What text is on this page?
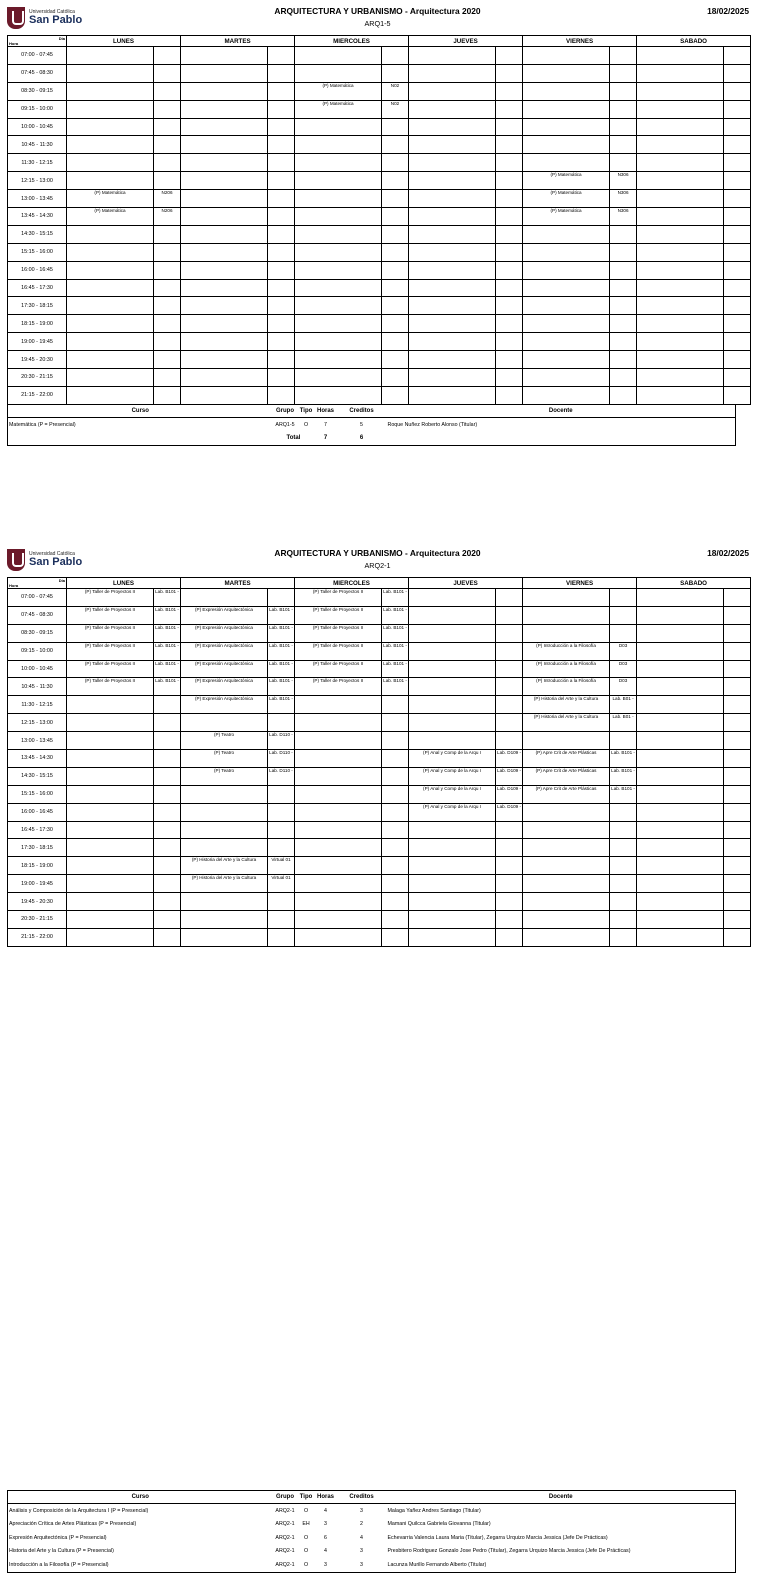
Universidad Católica
San Pablo
ARQUITECTURA Y URBANISMO - Arquitectura 2020
ARQ1-5
18/02/2025
Hora
Dia	LUNES		MARTES		MIERCOLES		JUEVES		VIERNES		SABADO	
07:00 - 07:45												
07:45 - 08:30												
08:30 - 09:15					(P) Matemática	N02						
09:15 - 10:00					(P) Matemática	N02						
10:00 - 10:45												
10:45 - 11:30												
11:30 - 12:15												
12:15 - 13:00									(P) Matemática	N306		
13:00 - 13:45	(P) Matemática	N206							(P) Matemática	N306		
13:45 - 14:30	(P) Matemática	N206							(P) Matemática	N306		
14:30 - 15:15												
15:15 - 16:00												
16:00 - 16:45												
16:45 - 17:30												
17:30 - 18:15												
18:15 - 19:00												
19:00 - 19:45												
19:45 - 20:30												
20:30 - 21:15												
21:15 - 22:00												
Curso	Grupo	Tipo	Horas	Creditos	Docente
Matemática (P = Presencial)	ARQ1-5	O	7	5	Roque Nuñez Roberto Alonso (Titular)
	Total		7	6	
Universidad Católica
San Pablo
ARQUITECTURA Y URBANISMO - Arquitectura 2020
ARQ2-1
18/02/2025
Hora
Dia	LUNES		MARTES		MIERCOLES		JUEVES		VIERNES		SABADO	
07:00 - 07:45	(P) Taller de Proyectos II	Lab. B101 -			(P) Taller de Proyectos II	Lab. B101 -						
07:45 - 08:30	(P) Taller de Proyectos II	Lab. B101 -	(P) Expresión Arquitectónica	Lab. B101 -	(P) Taller de Proyectos II	Lab. B101 -						
08:30 - 09:15	(P) Taller de Proyectos II	Lab. B101 -	(P) Expresión Arquitectónica	Lab. B101 -	(P) Taller de Proyectos II	Lab. B101 -						
09:15 - 10:00	(P) Taller de Proyectos II	Lab. B101 -	(P) Expresión Arquitectónica	Lab. B101 -	(P) Taller de Proyectos II	Lab. B101 -			(P) Introducción a la Filosofía	D03		
10:00 - 10:45	(P) Taller de Proyectos II	Lab. B101 -	(P) Expresión Arquitectónica	Lab. B101 -	(P) Taller de Proyectos II	Lab. B101 -			(P) Introducción a la Filosofía	D03		
10:45 - 11:30	(P) Taller de Proyectos II	Lab. B101 -	(P) Expresión Arquitectónica	Lab. B101 -	(P) Taller de Proyectos II	Lab. B101 -			(P) Introducción a la Filosofía	D03		
11:30 - 12:15			(P) Expresión Arquitectónica	Lab. B101 -					(P) Historia del Arte y la Cultura	Lab. B01 -		
12:15 - 13:00									(P) Historia del Arte y la Cultura	Lab. B01 -		
13:00 - 13:45			(P) Teatro	Lab. D110 -								
13:45 - 14:30			(P) Teatro	Lab. D110 -			(P) Anal y Comp de la Arqu I	Lab. D109 -	(P) Apre Crit de Arte Plásticas	Lab. B101 -		
14:30 - 15:15			(P) Teatro	Lab. D110 -			(P) Anal y Comp de la Arqu I	Lab. D109 -	(P) Apre Crit de Arte Plásticas	Lab. B101 -		
15:15 - 16:00							(P) Anal y Comp de la Arqu I	Lab. D109 -	(P) Apre Crit de Arte Plásticas	Lab. B101 -		
16:00 - 16:45							(P) Anal y Comp de la Arqu I	Lab. D109 -				
16:45 - 17:30												
17:30 - 18:15												
18:15 - 19:00			(P) Historia del Arte y la Cultura	Virtual 01								
19:00 - 19:45			(P) Historia del Arte y la Cultura	Virtual 01								
19:45 - 20:30												
20:30 - 21:15												
21:15 - 22:00												
Curso	Grupo	Tipo	Horas	Creditos	Docente
Análisis y Composición de la Arquitectura I (P = Presencial)	ARQ2-1	O	4	3	Malaga Yañez Andres Santiago (Titular)
Apreciación Crítica de Artes Plásticas (P = Presencial)	ARQ2-1	EH	3	2	Mamani Quilcca Gabriela Giovanna (Titular)
Expresión Arquitectónica (P = Presencial)	ARQ2-1	O	6	4	Echevarria Valencia Laura Maria (Titular), Zegarra Urquizo Marcia Jessica (Jefe De Prácticas)
Historia del Arte y la Cultura (P = Presencial)	ARQ2-1	O	4	3	Presbitero Rodriguez Gonzalo Jose Pedro (Titular), Zegarra Urquizo Marcia Jessica (Jefe De Prácticas)
Introducción a la Filosofía (P = Presencial)	ARQ2-1	O	3	3	Lacunza Murillo Fernando Alberto (Titular)
